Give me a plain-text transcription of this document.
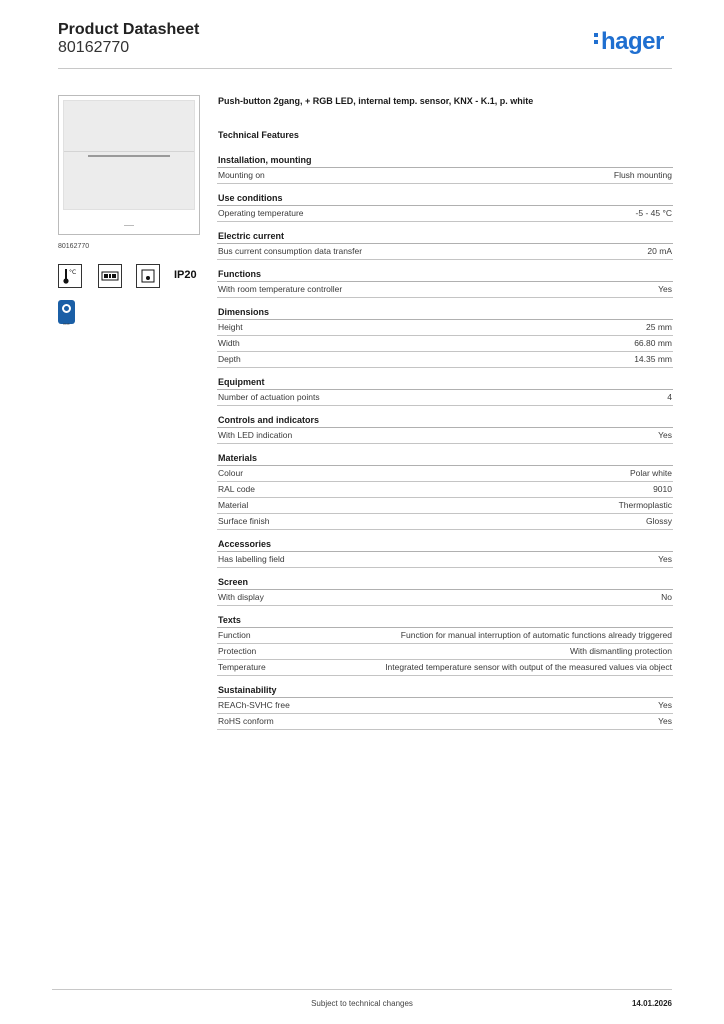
Product Datasheet
80162770	hager
80162770
°C	IP20
KNX
Push-button 2gang, + RGB LED, internal temp. sensor, KNX - K.1, p. white
Technical Features
Installation, mounting
Mounting on	Flush mounting
Use conditions
Operating temperature	-5 - 45 °C
Electric current
Bus current consumption data transfer	20 mA
Functions
With room temperature controller	Yes
Dimensions
Height	25 mm
Width	66.80 mm
Depth	14.35 mm
Equipment
Number of actuation points	4
Controls and indicators
With LED indication	Yes
Materials
Colour	Polar white
RAL code	9010
Material	Thermoplastic
Surface finish	Glossy
Accessories
Has labelling field	Yes
Screen
With display	No
Texts
Function	Function for manual interruption of automatic functions already triggered
Protection	With dismantling protection
Temperature	Integrated temperature sensor with output of the measured values via object
Sustainability
REACh-SVHC free	Yes
RoHS conform	Yes
Subject to technical changes	14.01.2026
